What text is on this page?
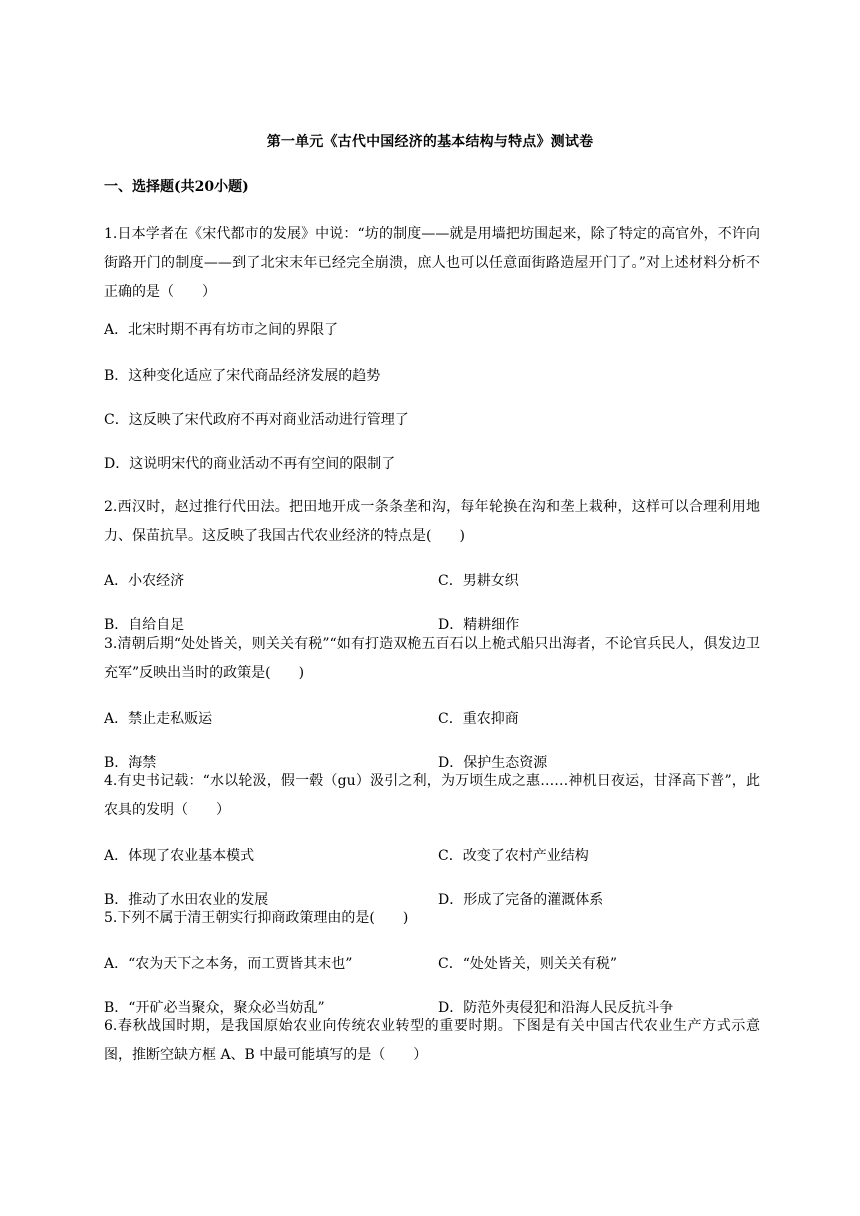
第一单元《古代中国经济的基本结构与特点》测试卷
一、选择题(共20小题)
1.日本学者在《宋代都市的发展》中说：“坊的制度——就是用墙把坊围起来，除了特定的高官外，不许向街路开门的制度——到了北宋末年已经完全崩溃，庶人也可以任意面街路造屋开门了。”对上述材料分析不正确的是（　　）
A．北宋时期不再有坊市之间的界限了
B．这种变化适应了宋代商品经济发展的趋势
C．这反映了宋代政府不再对商业活动进行管理了
D．这说明宋代的商业活动不再有空间的限制了
2.西汉时，赵过推行代田法。把田地开成一条条垄和沟，每年轮换在沟和垄上栽种，这样可以合理利用地力、保苗抗旱。这反映了我国古代农业经济的特点是(　　)
A．小农经济	C．男耕女织
B．自给自足	D．精耕细作
3.清朝后期“处处皆关，则关关有税”“如有打造双桅五百石以上桅式船只出海者，不论官兵民人，俱发边卫充军”反映出当时的政策是(　　)
A．禁止走私贩运	C．重农抑商
B．海禁	D．保护生态资源
4.有史书记载：“水以轮汲，假一毂（gu）汲引之利，为万顷生成之惠……神机日夜运，甘泽高下普”，此农具的发明（　　）
A．体现了农业基本模式	C．改变了农村产业结构
B．推动了水田农业的发展	D．形成了完备的灌溉体系
5.下列不属于清王朝实行抑商政策理由的是(　　)
A．“农为天下之本务，而工贾皆其末也”	C．“处处皆关，则关关有税”
B．“开矿必当聚众，聚众必当妨乱”	D．防范外夷侵犯和沿海人民反抗斗争
6.春秋战国时期，是我国原始农业向传统农业转型的重要时期。下图是有关中国古代农业生产方式示意图，推断空缺方框 A、B 中最可能填写的是（　　）
